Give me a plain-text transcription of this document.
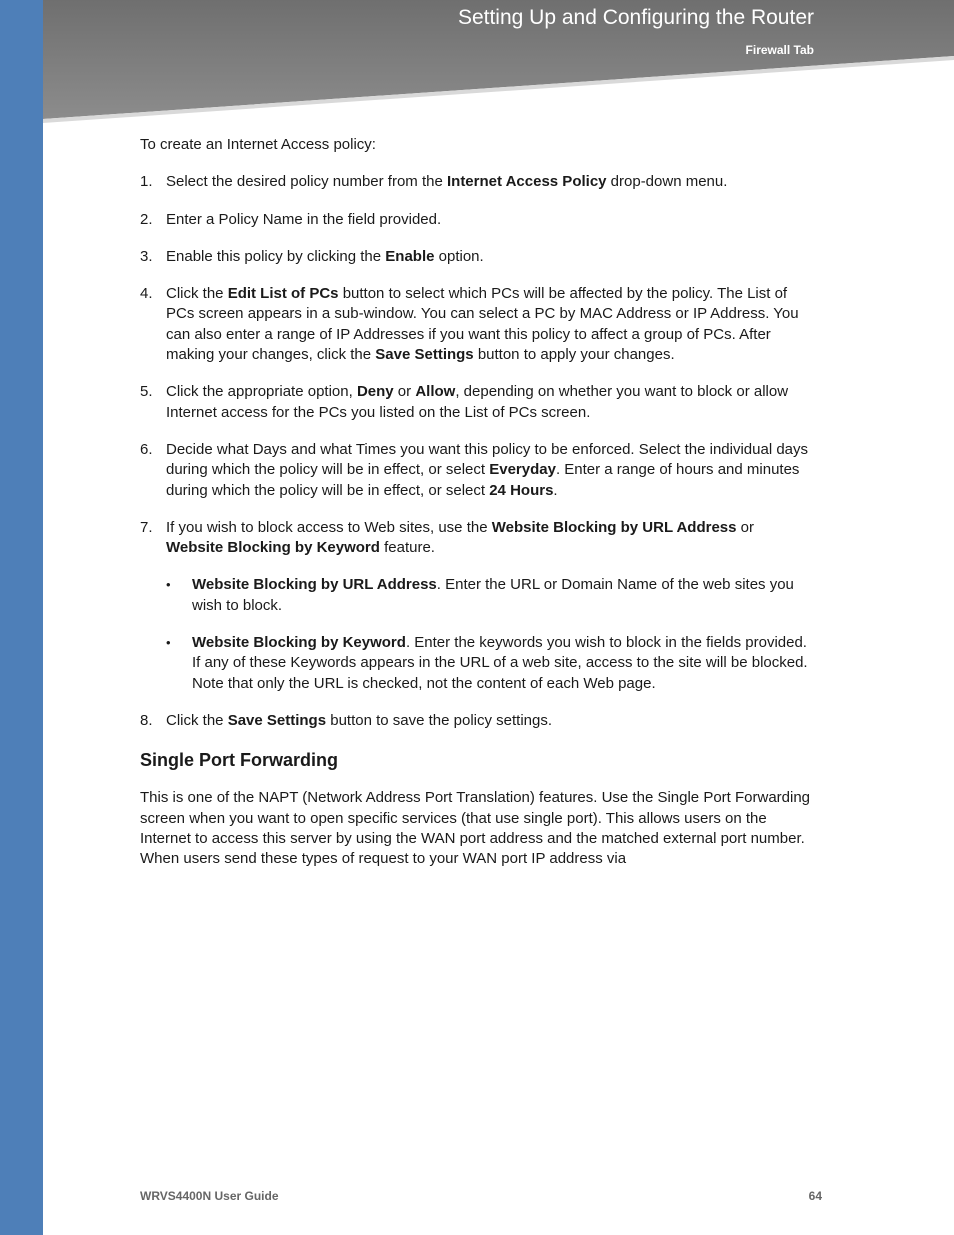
Setting Up and Configuring the Router
Firewall Tab

To create an Internet Access policy:

1. Select the desired policy number from the Internet Access Policy drop-down menu.
2. Enter a Policy Name in the field provided.
3. Enable this policy by clicking the Enable option.
4. Click the Edit List of PCs button to select which PCs will be affected by the policy. The List of PCs screen appears in a sub-window. You can select a PC by MAC Address or IP Address. You can also enter a range of IP Addresses if you want this policy to affect a group of PCs. After making your changes, click the Save Settings button to apply your changes.
5. Click the appropriate option, Deny or Allow, depending on whether you want to block or allow Internet access for the PCs you listed on the List of PCs screen.
6. Decide what Days and what Times you want this policy to be enforced. Select the individual days during which the policy will be in effect, or select Everyday. Enter a range of hours and minutes during which the policy will be in effect, or select 24 Hours.
7. If you wish to block access to Web sites, use the Website Blocking by URL Address or Website Blocking by Keyword feature.
• Website Blocking by URL Address. Enter the URL or Domain Name of the web sites you wish to block.
• Website Blocking by Keyword. Enter the keywords you wish to block in the fields provided. If any of these Keywords appears in the URL of a web site, access to the site will be blocked. Note that only the URL is checked, not the content of each Web page.
8. Click the Save Settings button to save the policy settings.
Single Port Forwarding

This is one of the NAPT (Network Address Port Translation) features. Use the Single Port Forwarding screen when you want to open specific services (that use single port). This allows users on the Internet to access this server by using the WAN port address and the matched external port number. When users send these types of request to your WAN port IP address via

WRVS4400N User Guide	64
